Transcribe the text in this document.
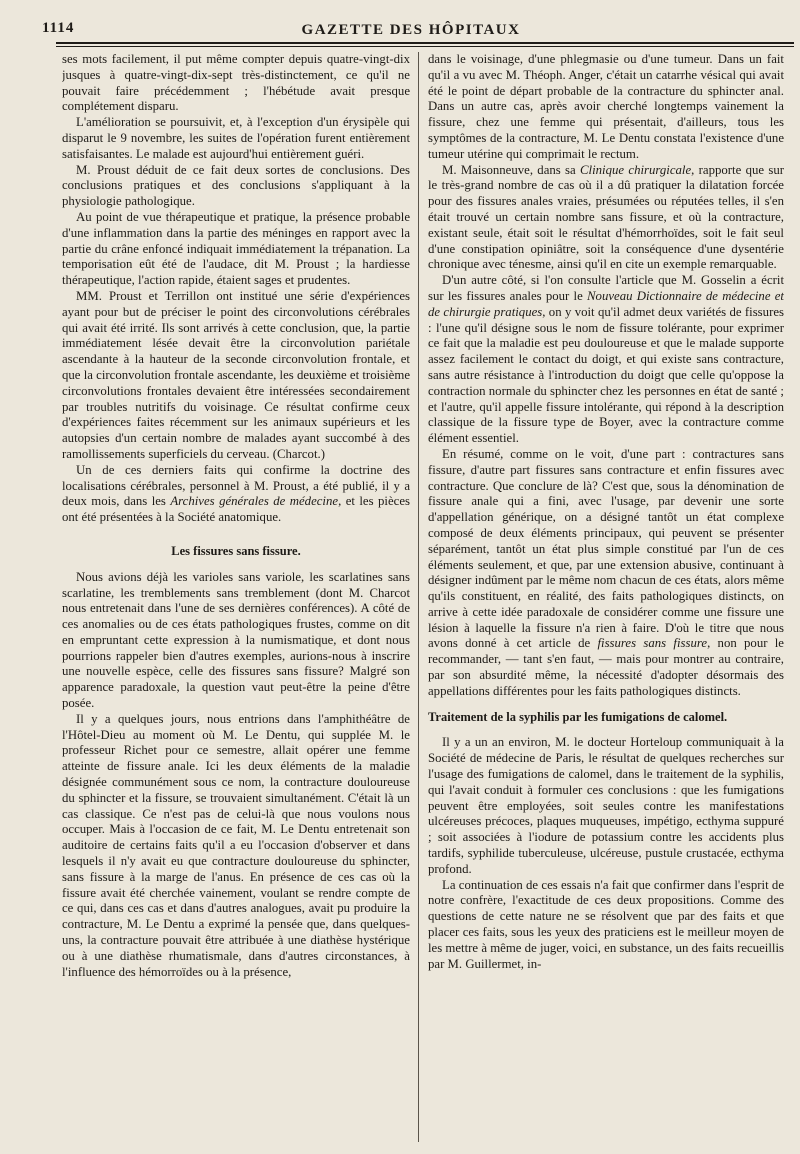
1114	GAZETTE DES HÔPITAUX

ses mots facilement, il put même compter depuis quatre-vingt-dix jusques à quatre-vingt-dix-sept très-distinctement, ce qu'il ne pouvait faire précédemment ; l'hébétude avait presque complétement disparu.

L'amélioration se poursuivit, et, à l'exception d'un érysipèle qui disparut le 9 novembre, les suites de l'opération furent entièrement satisfaisantes. Le malade est aujourd'hui entièrement guéri.

M. Proust déduit de ce fait deux sortes de conclusions. Des conclusions pratiques et des conclusions s'appliquant à la physiologie pathologique.

Au point de vue thérapeutique et pratique, la présence probable d'une inflammation dans la partie des méninges en rapport avec la partie du crâne enfoncé indiquait immédiatement la trépanation. La temporisation eût été de l'audace, dit M. Proust ; la hardiesse thérapeutique, l'action rapide, étaient sages et prudentes.

MM. Proust et Terrillon ont institué une série d'expériences ayant pour but de préciser le point des circonvolutions cérébrales qui avait été irrité. Ils sont arrivés à cette conclusion, que, la partie immédiatement lésée devait être la circonvolution pariétale ascendante à la hauteur de la seconde circonvolution frontale, et que la circonvolution frontale ascendante, les deuxième et troisième circonvolutions frontales devaient être intéressées secondairement par troubles nutritifs du voisinage. Ce résultat confirme ceux d'expériences faites récemment sur les animaux supérieurs et les autopsies d'un certain nombre de malades ayant succombé à des ramollissements superficiels du cerveau. (Charcot.)

Un de ces derniers faits qui confirme la doctrine des localisations cérébrales, personnel à M. Proust, a été publié, il y a deux mois, dans les Archives générales de médecine, et les pièces ont été présentées à la Société anatomique.

Les fissures sans fissure.

Nous avions déjà les varioles sans variole, les scarlatines sans scarlatine, les tremblements sans tremblement (dont M. Charcot nous entretenait dans l'une de ses dernières conférences). A côté de ces anomalies ou de ces états pathologiques frustes, comme on dit en empruntant cette expression à la numismatique, et dont nous pourrions rappeler bien d'autres exemples, aurions-nous à inscrire une nouvelle espèce, celle des fissures sans fissure? Malgré son apparence paradoxale, la question vaut peut-être la peine d'être posée.

Il y a quelques jours, nous entrions dans l'amphithéâtre de l'Hôtel-Dieu au moment où M. Le Dentu, qui supplée M. le professeur Richet pour ce semestre, allait opérer une femme atteinte de fissure anale. Ici les deux éléments de la maladie désignée communément sous ce nom, la contracture douloureuse du sphincter et la fissure, se trouvaient simultanément. C'était là un cas classique. Ce n'est pas de celui-là que nous voulons nous occuper. Mais à l'occasion de ce fait, M. Le Dentu entretenait son auditoire de certains faits qu'il a eu l'occasion d'observer et dans lesquels il n'y avait eu que contracture douloureuse du sphincter, sans fissure à la marge de l'anus. En présence de ces cas où la fissure avait été cherchée vainement, voulant se rendre compte de ce qui, dans ces cas et dans d'autres analogues, avait pu produire la contracture, M. Le Dentu a exprimé la pensée que, dans quelques-uns, la contracture pouvait être attribuée à une diathèse hystérique ou à une diathèse rhumatismale, dans d'autres circonstances, à l'influence des hémorroïdes ou à la présence,

dans le voisinage, d'une phlegmasie ou d'une tumeur. Dans un fait qu'il a vu avec M. Théoph. Anger, c'était un catarrhe vésical qui avait été le point de départ probable de la contracture du sphincter anal. Dans un autre cas, après avoir cherché longtemps vainement la fissure, chez une femme qui présentait, d'ailleurs, tous les symptômes de la contracture, M. Le Dentu constata l'existence d'une tumeur utérine qui comprimait le rectum.

M. Maisonneuve, dans sa Clinique chirurgicale, rapporte que sur le très-grand nombre de cas où il a dû pratiquer la dilatation forcée pour des fissures anales vraies, présumées ou réputées telles, il s'en était trouvé un certain nombre sans fissure, et où la contracture, existant seule, était soit le résultat d'hémorrhoïdes, soit le fait seul d'une constipation opiniâtre, soit la conséquence d'une dysentérie chronique avec ténesme, ainsi qu'il en cite un exemple remarquable.

D'un autre côté, si l'on consulte l'article que M. Gosselin a écrit sur les fissures anales pour le Nouveau Dictionnaire de médecine et de chirurgie pratiques, on y voit qu'il admet deux variétés de fissures : l'une qu'il désigne sous le nom de fissure tolérante, pour exprimer ce fait que la maladie est peu douloureuse et que le malade supporte assez facilement le contact du doigt, et qui existe sans contracture, sans autre résistance à l'introduction du doigt que celle qu'oppose la contraction normale du sphincter chez les personnes en état de santé ; et l'autre, qu'il appelle fissure intolérante, qui répond à la description classique de la fissure type de Boyer, avec la contracture comme élément essentiel.

En résumé, comme on le voit, d'une part : contractures sans fissure, d'autre part fissures sans contracture et enfin fissures avec contracture. Que conclure de là? C'est que, sous la dénomination de fissure anale qui a fini, avec l'usage, par devenir une sorte d'appellation générique, on a désigné tantôt un état complexe composé de deux éléments principaux, qui peuvent se présenter séparément, tantôt un état plus simple constitué par l'un de ces éléments seulement, et que, par une extension abusive, continuant à désigner indûment par le même nom chacun de ces états, alors même qu'ils constituent, en réalité, des faits pathologiques distincts, on arrive à cette idée paradoxale de considérer comme une fissure une lésion à laquelle la fissure n'a rien à faire. D'où le titre que nous avons donné à cet article de fissures sans fissure, non pour le recommander, — tant s'en faut, — mais pour montrer au contraire, par son absurdité même, la nécessité d'adopter désormais des appellations différentes pour les faits pathologiques distincts.

Traitement de la syphilis par les fumigations de calomel.

Il y a un an environ, M. le docteur Horteloup communiquait à la Société de médecine de Paris, le résultat de quelques recherches sur l'usage des fumigations de calomel, dans le traitement de la syphilis, qui l'avait conduit à formuler ces conclusions : que les fumigations peuvent être employées, soit seules contre les manifestations ulcéreuses précoces, plaques muqueuses, impétigo, ecthyma suppuré ; soit associées à l'iodure de potassium contre les accidents plus tardifs, syphilide tuberculeuse, ulcéreuse, pustule crustacée, ecthyma profond.

La continuation de ces essais n'a fait que confirmer dans l'esprit de notre confrère, l'exactitude de ces deux propositions. Comme des questions de cette nature ne se résolvent que par des faits et que placer ces faits, sous les yeux des praticiens est le meilleur moyen de les mettre à même de juger, voici, en substance, un des faits recueillis par M. Guillermet, in-
